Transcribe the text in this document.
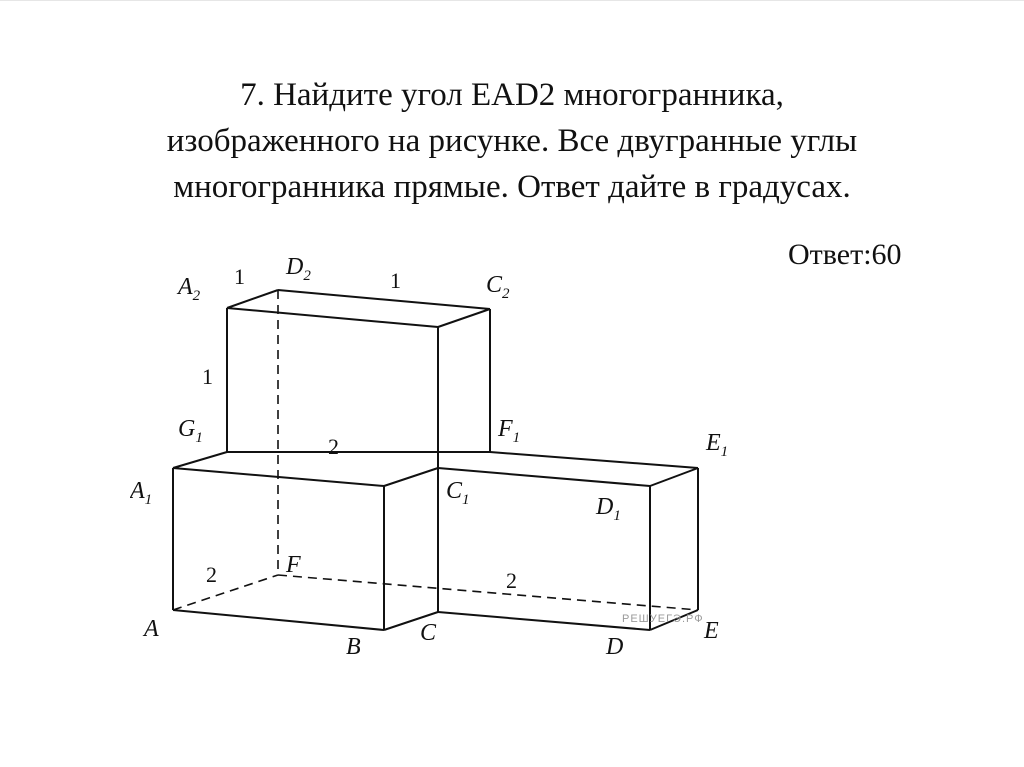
7. Найдите угол EAD2 многогранника,
изображенного на рисунке. Все двугранные углы
многогранника прямые. Ответ дайте в градусах.
Ответ:60
$A_2$
$D_2$	$C_2$
$G_1$	$F_1$	$E_1$
$A_1$	$C_1$	$D_1$
F
A
B
C
D
E
1	1
1
2
2	2
РЕШУЕГЭ.РФ
